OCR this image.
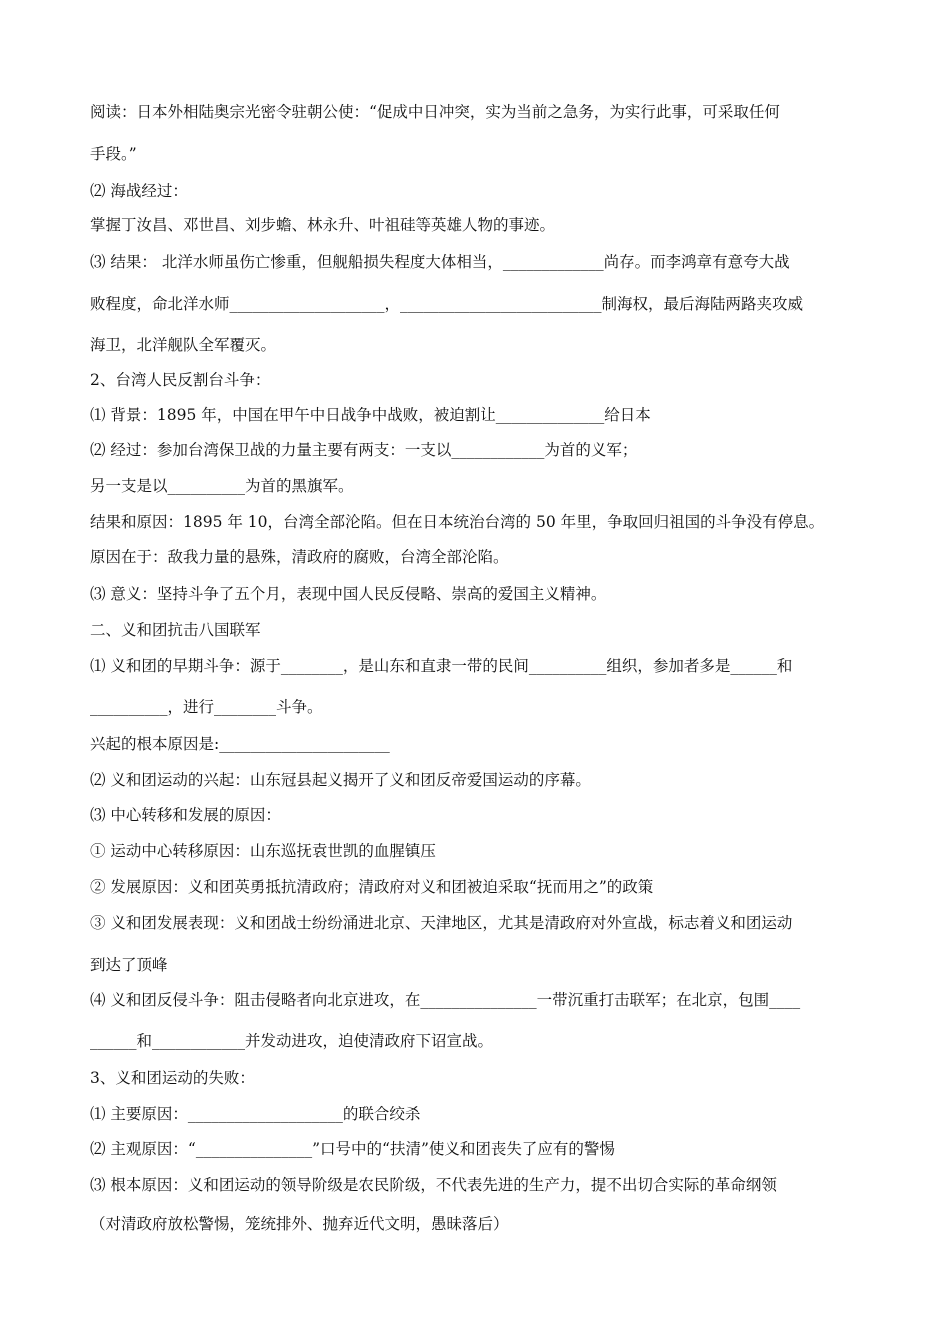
阅读：日本外相陆奥宗光密令驻朝公使：“促成中日冲突，实为当前之急务，为实行此事，可采取任何
手段。”
⑵ 海战经过：
掌握丁汝昌、邓世昌、刘步蟾、林永升、叶祖硅等英雄人物的事迹。
⑶ 结果： 北洋水师虽伤亡惨重，但舰船损失程度大体相当，_____________尚存。而李鸿章有意夸大战
败程度，命北洋水师____________________，__________________________制海权，最后海陆两路夹攻威
海卫，北洋舰队全军覆灭。
2、台湾人民反割台斗争：
⑴ 背景：1895 年，中国在甲午中日战争中战败，被迫割让______________给日本
⑵ 经过：参加台湾保卫战的力量主要有两支：一支以____________为首的义军；
另一支是以__________为首的黑旗军。
结果和原因：1895 年 10，台湾全部沦陷。但在日本统治台湾的 50 年里，争取回归祖国的斗争没有停息。
原因在于：敌我力量的悬殊，清政府的腐败，台湾全部沦陷。
⑶ 意义：坚持斗争了五个月，表现中国人民反侵略、崇高的爱国主义精神。
二、义和团抗击八国联军
⑴ 义和团的早期斗争：源于________，是山东和直隶一带的民间__________组织，参加者多是______和
__________，进行________斗争。
兴起的根本原因是:______________________
⑵ 义和团运动的兴起：山东冠县起义揭开了义和团反帝爱国运动的序幕。
⑶ 中心转移和发展的原因：
① 运动中心转移原因：山东巡抚袁世凯的血腥镇压
② 发展原因：义和团英勇抵抗清政府；清政府对义和团被迫采取“抚而用之”的政策
③ 义和团发展表现：义和团战士纷纷涌进北京、天津地区，尤其是清政府对外宣战，标志着义和团运动
到达了顶峰
⑷ 义和团反侵斗争：阻击侵略者向北京进攻，在_______________一带沉重打击联军；在北京，包围____
______和____________并发动进攻，迫使清政府下诏宣战。
3、义和团运动的失败：
⑴ 主要原因：____________________的联合绞杀
⑵ 主观原因：“_______________”口号中的“扶清”使义和团丧失了应有的警惕
⑶ 根本原因：义和团运动的领导阶级是农民阶级，不代表先进的生产力，提不出切合实际的革命纲领
（对清政府放松警惕，笼统排外、抛弃近代文明，愚昧落后）
